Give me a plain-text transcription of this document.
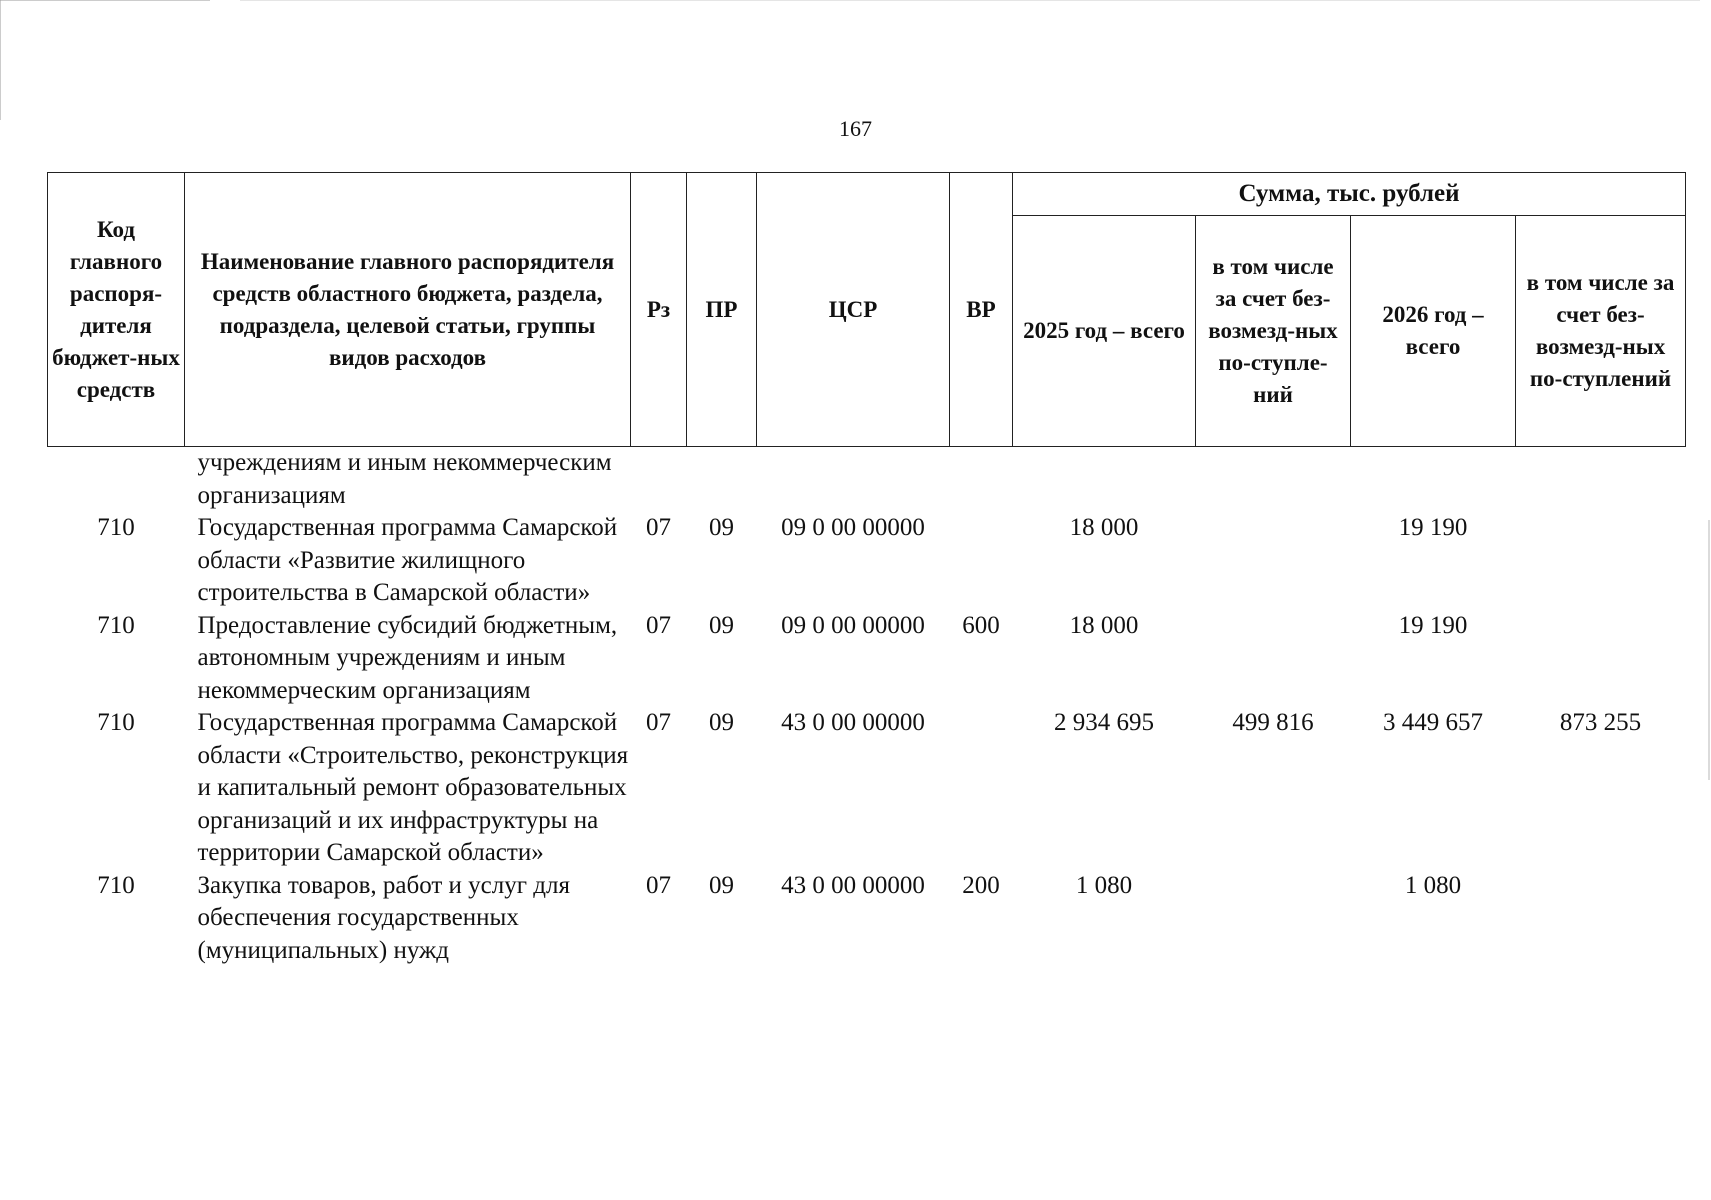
167
Код главного распоря-дителя бюджет-ных средств	Наименование главного распорядителя средств областного бюджета, раздела, подраздела, целевой статьи, группы видов расходов	Рз	ПР	ЦСР	ВР	Сумма, тыс. рублей			
						2025 год – всего	в том числе за счет без-возмезд-ных по-ступле-ний	2026 год – всего	в том числе за счет без-возмезд-ных по-ступлений
	учреждениям и иным некоммерческим организациям								
710	Государственная программа Самарской области «Развитие жилищного строительства в Самарской области»	07	09	09 0 00 00000		18 000		19 190	
710	Предоставление субсидий бюджетным, автономным учреждениям и иным некоммерческим организациям	07	09	09 0 00 00000	600	18 000		19 190	
710	Государственная программа Самарской области «Строительство, реконструкция и капитальный ремонт образовательных организаций и их инфраструктуры на территории Самарской области»	07	09	43 0 00 00000		2 934 695	499 816	3 449 657	873 255
710	Закупка товаров, работ и услуг для обеспечения государственных (муниципальных) нужд	07	09	43 0 00 00000	200	1 080		1 080	
